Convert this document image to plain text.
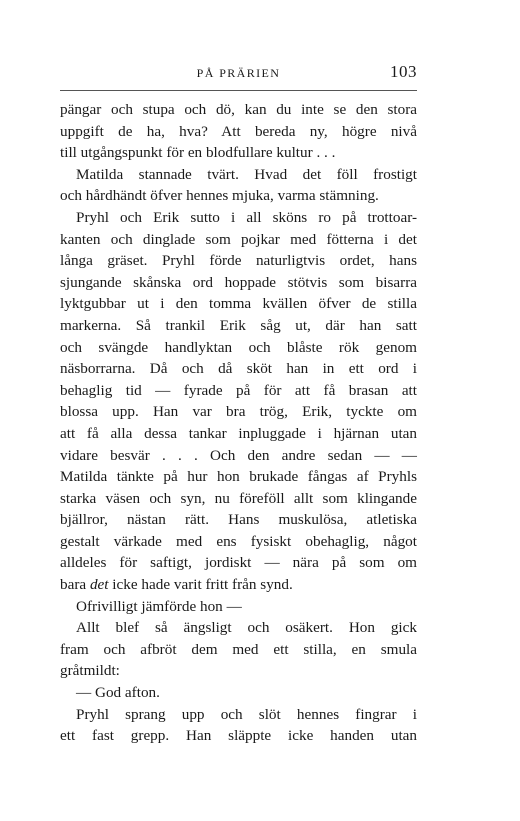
PÅ PRÄRIEN	103
pängar och stupa och dö, kan du inte se den stora
uppgift de ha, hva? Att bereda ny, högre nivå
till utgångspunkt för en blodfullare kultur . . .
Matilda stannade tvärt. Hvad det föll frostigt
och hårdhändt öfver hennes mjuka, varma stämning.
Pryhl och Erik sutto i all sköns ro på trottoar-
kanten och dinglade som pojkar med fötterna i det
långa gräset. Pryhl förde naturligtvis ordet, hans
sjungande skånska ord hoppade stötvis som bisarra
lyktgubbar ut i den tomma kvällen öfver de stilla
markerna. Så trankil Erik såg ut, där han satt
och svängde handlyktan och blåste rök genom
näsborrarna. Då och då sköt han in ett ord i
behaglig tid — fyrade på för att få brasan att
blossa upp. Han var bra trög, Erik, tyckte om
att få alla dessa tankar inpluggade i hjärnan utan
vidare besvär . . . Och den andre sedan — —
Matilda tänkte på hur hon brukade fångas af Pryhls
starka väsen och syn, nu föreföll allt som klingande
bjällror, nästan rätt. Hans muskulösa, atletiska
gestalt värkade med ens fysiskt obehaglig, något
alldeles för saftigt, jordiskt — nära på som om
bara det icke hade varit fritt från synd.
Ofrivilligt jämförde hon —
Allt blef så ängsligt och osäkert. Hon gick
fram och afbröt dem med ett stilla, en smula
gråtmildt:
— God afton.
Pryhl sprang upp och slöt hennes fingrar i
ett fast grepp. Han släppte icke handen utan
